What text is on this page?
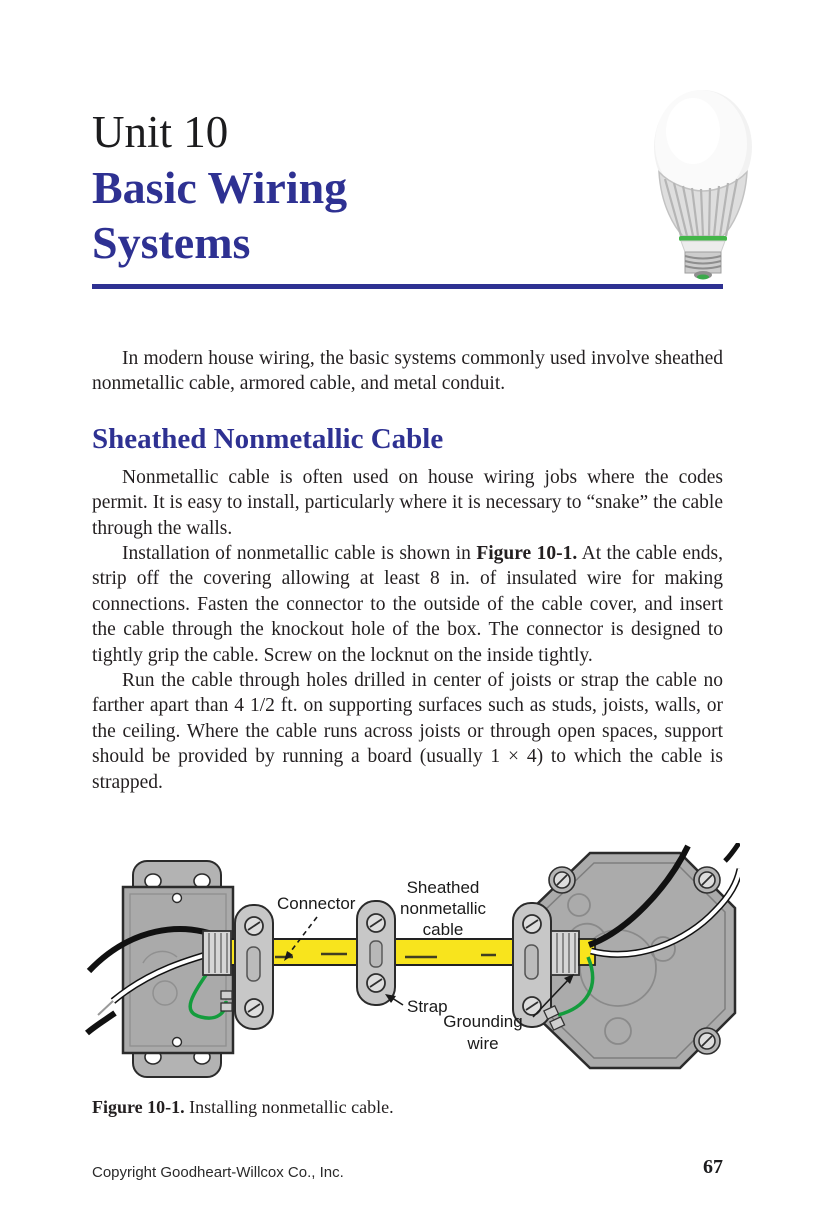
Unit 10
Basic Wiring
Systems

In modern house wiring, the basic systems commonly used involve sheathed nonmetallic cable, armored cable, and metal conduit.

Sheathed Nonmetallic Cable

Nonmetallic cable is often used on house wiring jobs where the codes permit. It is easy to install, particularly where it is necessary to “snake” the cable through the walls.

Installation of nonmetallic cable is shown in Figure 10-1. At the cable ends, strip off the covering allowing at least 8 in. of insulated wire for making connections. Fasten the connector to the outside of the cable cover, and insert the cable through the knockout hole of the box. The connector is designed to tightly grip the cable. Screw on the locknut on the inside tightly.

Run the cable through holes drilled in center of joists or strap the cable no farther apart than 4 1/2 ft. on supporting surfaces such as studs, joists, walls, or the ceiling. Where the cable runs across joists or through open spaces, support should be provided by running a board (usually 1 × 4) to which the cable is strapped.

Connector
Sheathed
nonmetallic
cable
Strap
Grounding
wire
Figure 10-1. Installing nonmetallic cable.
Copyright Goodheart-Willcox Co., Inc.	67
